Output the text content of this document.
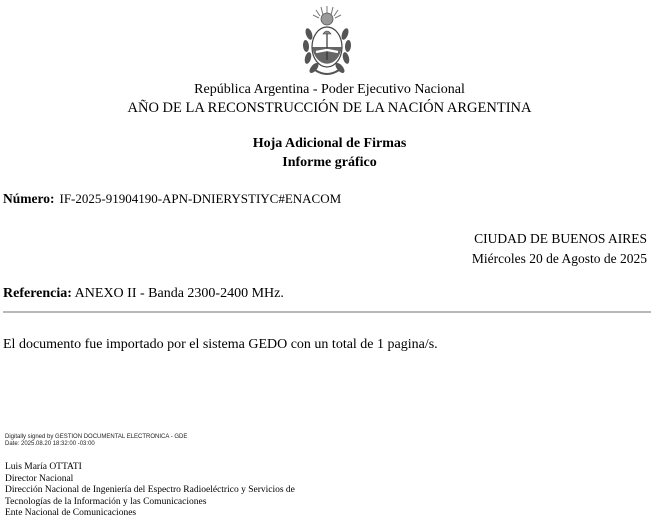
República Argentina - Poder Ejecutivo Nacional
AÑO DE LA RECONSTRUCCIÓN DE LA NACIÓN ARGENTINA
Hoja Adicional de Firmas
Informe gráfico
Número: IF-2025-91904190-APN-DNIERYSTIYC#ENACOM
CIUDAD DE BUENOS AIRES
Miércoles 20 de Agosto de 2025
Referencia: ANEXO II - Banda 2300-2400 MHz.
El documento fue importado por el sistema GEDO con un total de 1 pagina/s.
Digitally signed by GESTION DOCUMENTAL ELECTRONICA - GDE
Date: 2025.08.20 18:32:00 -03:00
Luis María OTTATI
Director Nacional
Dirección Nacional de Ingeniería del Espectro Radioeléctrico y Servicios de
Tecnologías de la Información y las Comunicaciones
Ente Nacional de Comunicaciones
